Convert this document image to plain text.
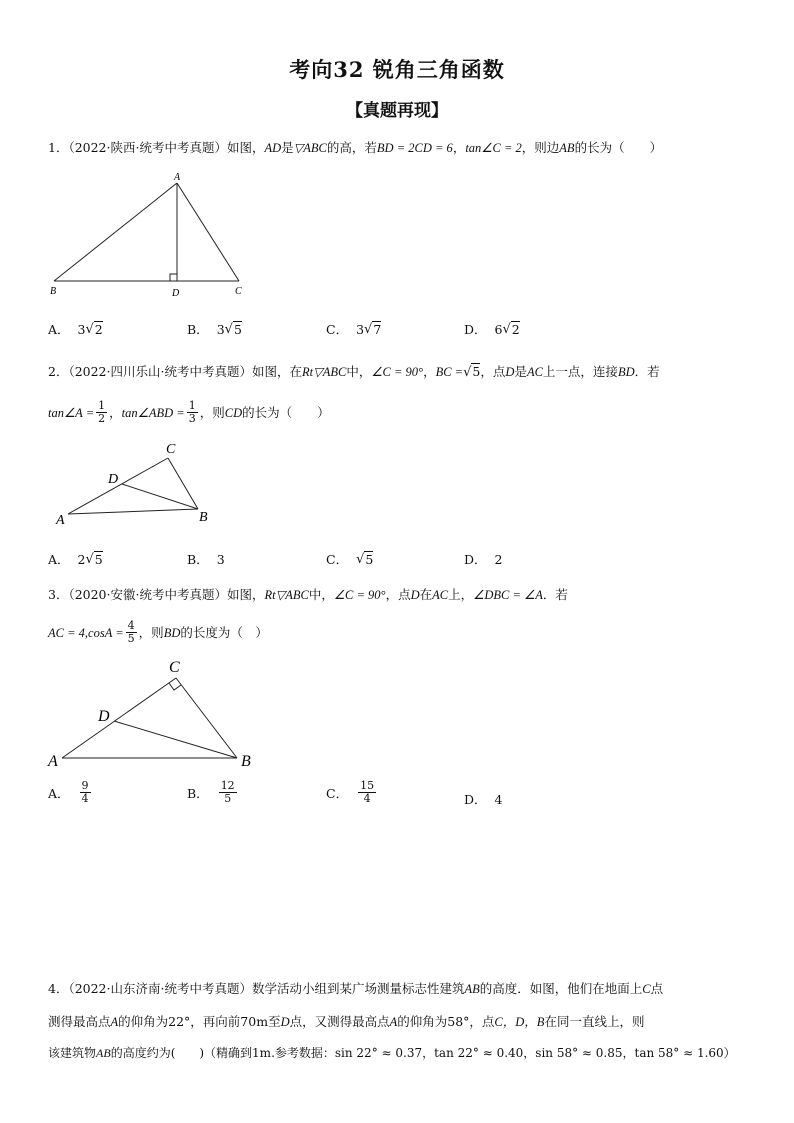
考向32 锐角三角函数
【真题再现】
1．（2022·陕西·统考中考真题）如图，AD是▽ABC的高，若BD = 2CD = 6，tan∠C = 2，则边AB的长为（　　）
A
B	D	C
A． 3 √ 2	B． 3 √ 5	C． 3 √ 7	D． 6 √ 2
2．（2022·四川乐山·统考中考真题）如图，在Rt▽ABC中，∠C = 90°，BC =√5，点D是AC上一点，连接BD．若
tan∠A = $\frac{1}{2}$ ， tan∠ABD = $\frac{1}{3}$ ，则 CD 的长为（　　）
C
D
A	B
A． 2 √ 5	B． 3	C． √ 5	D． 2
3．（2020·安徽·统考中考真题）如图，Rt▽ABC中，∠C = 90°，点D在AC上，∠DBC = ∠A．若
AC = $4,\cos A = \frac{4}{5}$ ，则 BD 的长度为（　）
C
D
A	B
A． $\frac{9}{4}$	B． $\frac{12}{5}$	C． $\frac{15}{4}$	D． 4
4．（2022·山东济南·统考中考真题）数学活动小组到某广场测量标志性建筑AB的高度．如图，他们在地面上C点
测得最高点A的仰角为22°，再向前70m至D点，又测得最高点A的仰角为58°，点C，D，B在同一直线上，则
该建筑物AB的高度约为(　　)（精确到1m.参考数据：sin 22° ≈ 0.37，tan 22° ≈ 0.40，sin 58° ≈ 0.85，tan 58° ≈ 1.60）
